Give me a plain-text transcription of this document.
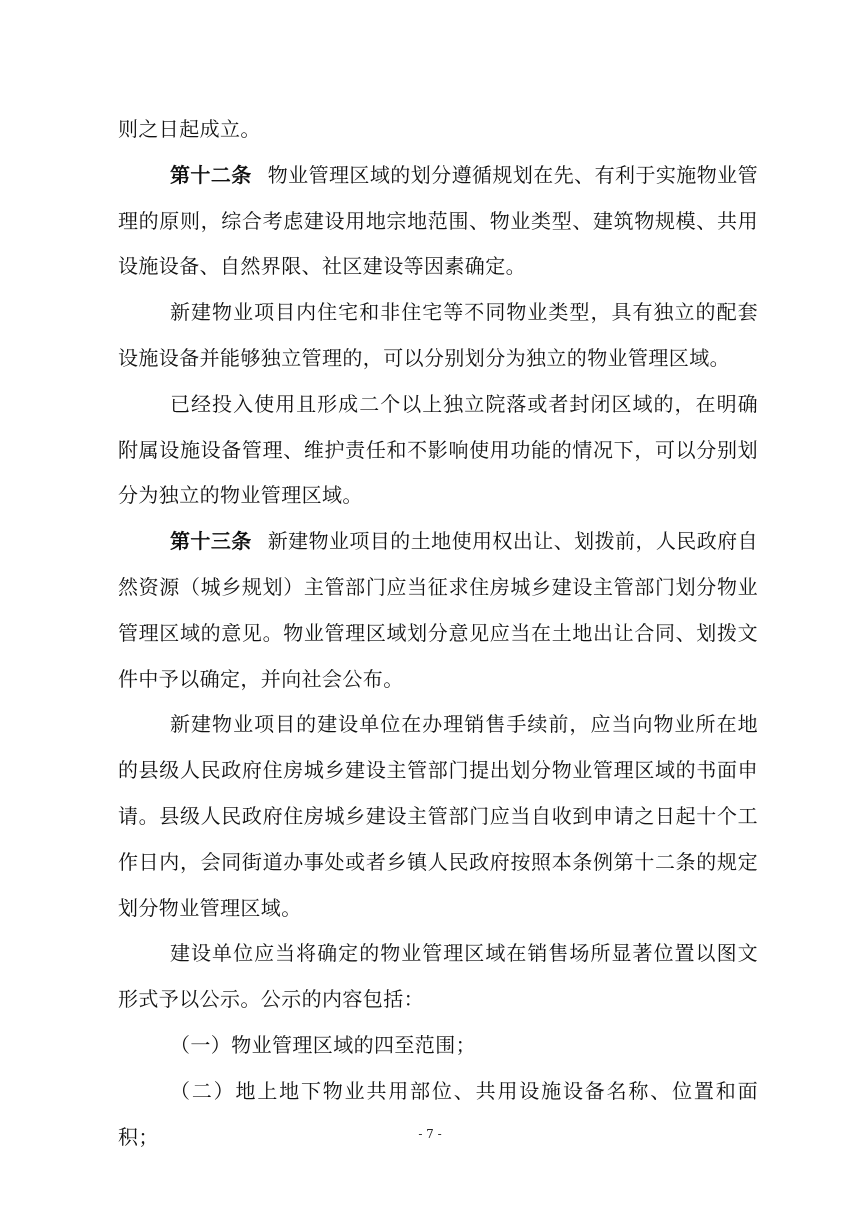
则之日起成立。

第十二条 物业管理区域的划分遵循规划在先、有利于实施物业管理的原则，综合考虑建设用地宗地范围、物业类型、建筑物规模、共用设施设备、自然界限、社区建设等因素确定。

新建物业项目内住宅和非住宅等不同物业类型，具有独立的配套设施设备并能够独立管理的，可以分别划分为独立的物业管理区域。

已经投入使用且形成二个以上独立院落或者封闭区域的，在明确附属设施设备管理、维护责任和不影响使用功能的情况下，可以分别划分为独立的物业管理区域。

第十三条 新建物业项目的土地使用权出让、划拨前，人民政府自然资源（城乡规划）主管部门应当征求住房城乡建设主管部门划分物业管理区域的意见。物业管理区域划分意见应当在土地出让合同、划拨文件中予以确定，并向社会公布。

新建物业项目的建设单位在办理销售手续前，应当向物业所在地的县级人民政府住房城乡建设主管部门提出划分物业管理区域的书面申请。县级人民政府住房城乡建设主管部门应当自收到申请之日起十个工作日内，会同街道办事处或者乡镇人民政府按照本条例第十二条的规定划分物业管理区域。

建设单位应当将确定的物业管理区域在销售场所显著位置以图文形式予以公示。公示的内容包括：

（一）物业管理区域的四至范围；

（二）地上地下物业共用部位、共用设施设备名称、位置和面积；	- 7 -
